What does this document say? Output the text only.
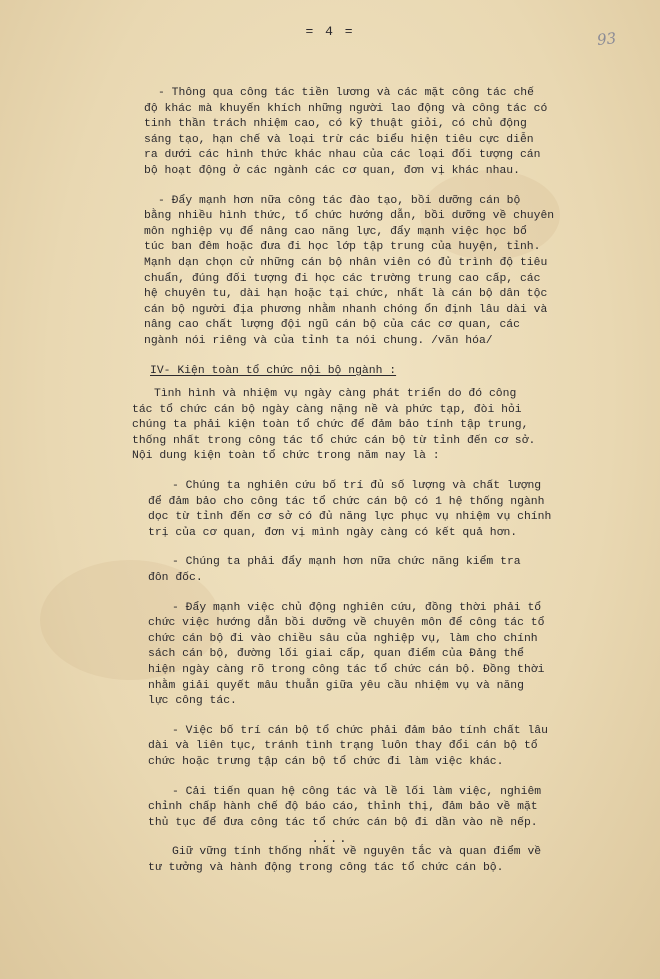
= 4 =	93
- Thông qua công tác tiền lương và các mặt công tác chế
độ khác mà khuyến khích những người lao động và công tác có
tinh thần trách nhiệm cao, có kỹ thuật giỏi, có chủ động
sáng tạo, hạn chế và loại trừ các biểu hiện tiêu cực diễn
ra dưới các hình thức khác nhau của các loại đối tượng cán
bộ hoạt động ở các ngành các cơ quan, đơn vị khác nhau.
- Đẩy mạnh hơn nữa công tác đào tạo, bồi dưỡng cán bộ
bằng nhiều hình thức, tổ chức hướng dẫn, bồi dưỡng về chuyên
môn nghiệp vụ để nâng cao năng lực, đẩy mạnh việc học bổ
túc ban đêm hoặc đưa đi học lớp tập trung của huyện, tỉnh.
Mạnh dạn chọn cử những cán bộ nhân viên có đủ trình độ tiêu
chuẩn, đúng đối tượng đi học các trường trung cao cấp, các
hệ chuyên tu, dài hạn hoặc tại chức, nhất là cán bộ dân tộc
cán bộ người địa phương nhằm nhanh chóng ổn định lâu dài và
nâng cao chất lượng đội ngũ cán bộ của các cơ quan, các
ngành nói riêng và của tỉnh ta nói chung. /văn hóa/
IV- Kiện toàn tổ chức nội bộ ngành :
Tình hình và nhiệm vụ ngày càng phát triển do đó công
tác tổ chức cán bộ ngày càng nặng nề và phức tạp, đòi hỏi
chúng ta phải kiện toàn tổ chức để đảm bảo tính tập trung,
thống nhất trong công tác tổ chức cán bộ từ tỉnh đến cơ sở.
Nội dung kiện toàn tổ chức trong năm nay là :
- Chúng ta nghiên cứu bố trí đủ số lượng và chất lượng
để đảm bảo cho công tác tổ chức cán bộ có 1 hệ thống ngành
dọc từ tỉnh đến cơ sở có đủ năng lực phục vụ nhiệm vụ chính
trị của cơ quan, đơn vị mình ngày càng có kết quả hơn.
- Chúng ta phải đẩy mạnh hơn nữa chức năng kiểm tra
đôn đốc.
- Đẩy mạnh việc chủ động nghiên cứu, đồng thời phải tổ
chức việc hướng dẫn bồi dưỡng về chuyên môn để công tác tổ
chức cán bộ đi vào chiều sâu của nghiệp vụ, làm cho chính
sách cán bộ, đường lối giai cấp, quan điểm của Đảng thể
hiện ngày càng rõ trong công tác tổ chức cán bộ. Đồng thời
nhằm giải quyết mâu thuẫn giữa yêu cầu nhiệm vụ và năng
lực công tác.
- Việc bố trí cán bộ tổ chức phải đảm bảo tính chất lâu
dài và liên tục, tránh tình trạng luôn thay đổi cán bộ tổ
chức hoặc trưng tập cán bộ tổ chức đi làm việc khác.
- Cải tiến quan hệ công tác và lề lối làm việc, nghiêm
chỉnh chấp hành chế độ báo cáo, thỉnh thị, đảm bảo về mặt
thủ tục để đưa công tác tổ chức cán bộ đi dần vào nề nếp.
Giữ vững tính thống nhất về nguyên tắc và quan điểm về
tư tưởng và hành động trong công tác tổ chức cán bộ.
....
